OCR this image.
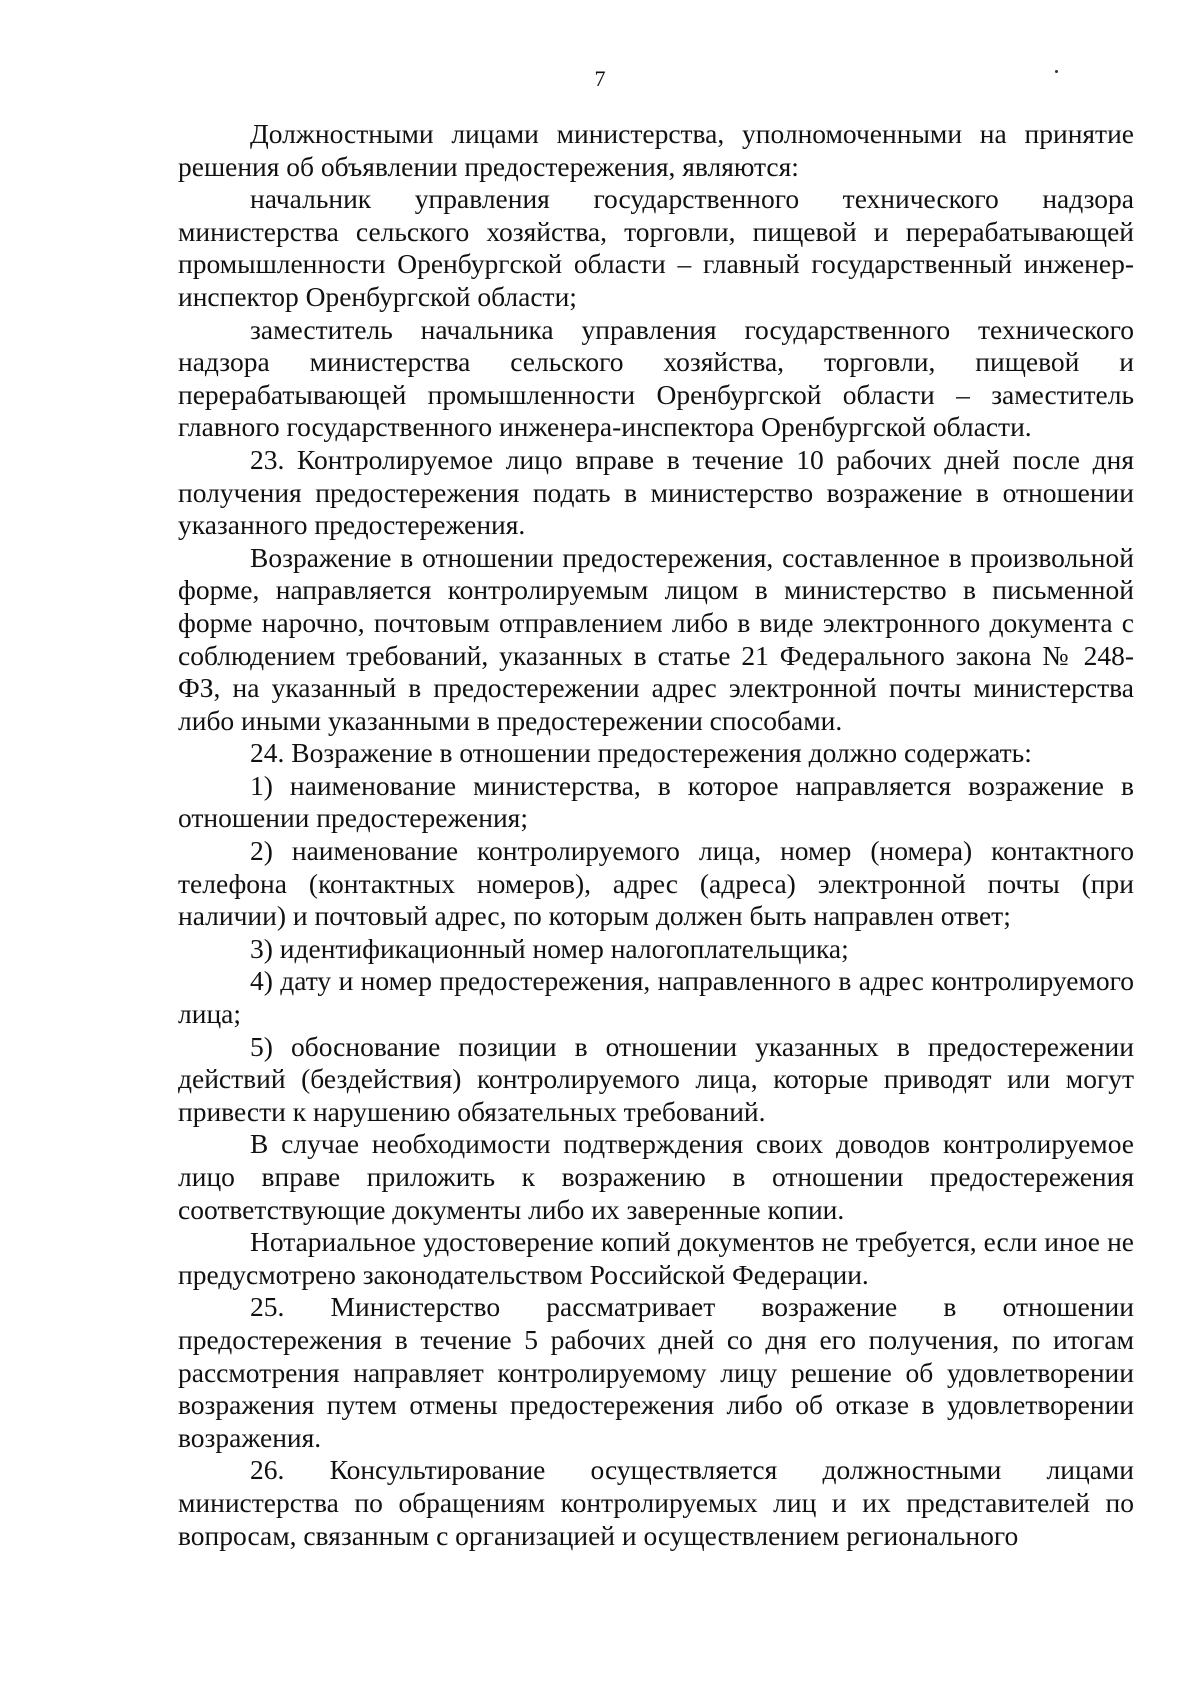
7

Должностными лицами министерства, уполномоченными на принятие решения об объявлении предостережения, являются:

начальник управления государственного технического надзора министерства сельского хозяйства, торговли, пищевой и перерабатывающей промышленности Оренбургской области – главный государственный инженер-инспектор Оренбургской области;

заместитель начальника управления государственного технического надзора министерства сельского хозяйства, торговли, пищевой и перерабатывающей промышленности Оренбургской области – заместитель главного государственного инженера-инспектора Оренбургской области.

23. Контролируемое лицо вправе в течение 10 рабочих дней после дня получения предостережения подать в министерство возражение в отношении указанного предостережения.

Возражение в отношении предостережения, составленное в произвольной форме, направляется контролируемым лицом в министерство в письменной форме нарочно, почтовым отправлением либо в виде электронного документа с соблюдением требований, указанных в статье 21 Федерального закона № 248-ФЗ, на указанный в предостережении адрес электронной почты министерства либо иными указанными в предостережении способами.

24. Возражение в отношении предостережения должно содержать:

1) наименование министерства, в которое направляется возражение в отношении предостережения;

2) наименование контролируемого лица, номер (номера) контактного телефона (контактных номеров), адрес (адреса) электронной почты (при наличии) и почтовый адрес, по которым должен быть направлен ответ;

3) идентификационный номер налогоплательщика;

4) дату и номер предостережения, направленного в адрес контролируемого лица;

5) обоснование позиции в отношении указанных в предостережении действий (бездействия) контролируемого лица, которые приводят или могут привести к нарушению обязательных требований.

В случае необходимости подтверждения своих доводов контролируемое лицо вправе приложить к возражению в отношении предостережения соответствующие документы либо их заверенные копии.

Нотариальное удостоверение копий документов не требуется, если иное не предусмотрено законодательством Российской Федерации.

25. Министерство рассматривает возражение в отношении предостережения в течение 5 рабочих дней со дня его получения, по итогам рассмотрения направляет контролируемому лицу решение об удовлетворении возражения путем отмены предостережения либо об отказе в удовлетворении возражения.

26. Консультирование осуществляется должностными лицами министерства по обращениям контролируемых лиц и их представителей по вопросам, связанным с организацией и осуществлением регионального
